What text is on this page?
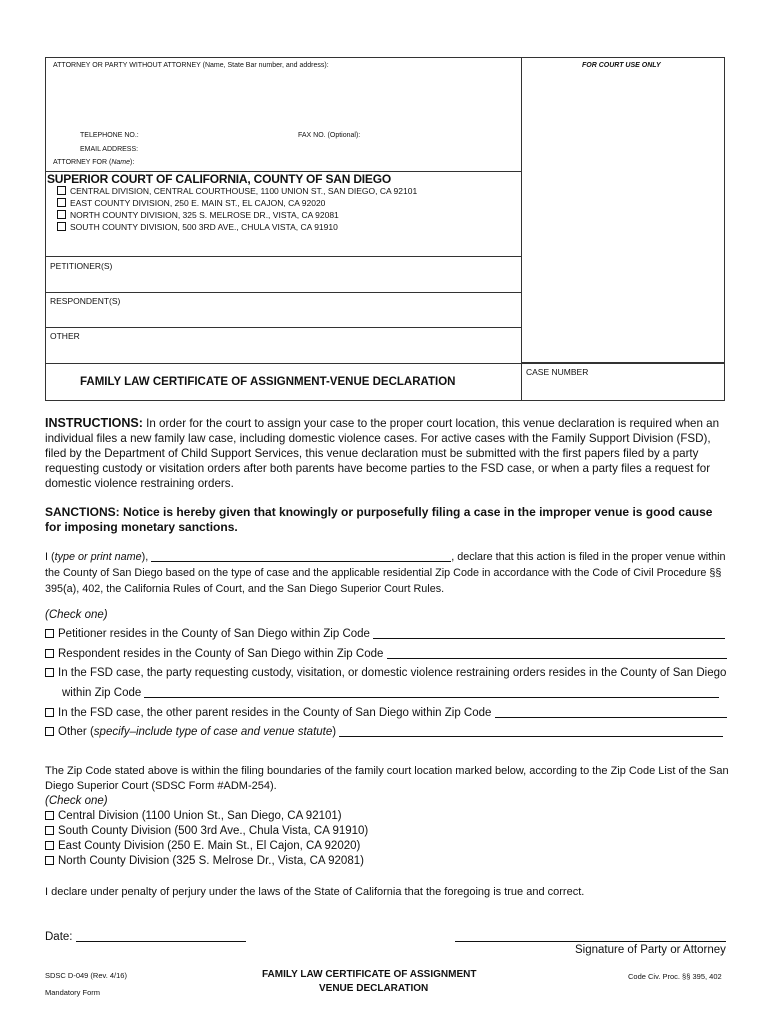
ATTORNEY OR PARTY WITHOUT ATTORNEY (Name, State Bar number, and address):	FOR COURT USE ONLY
TELEPHONE NO.:	FAX NO. (Optional):
EMAIL ADDRESS:
ATTORNEY FOR (Name):
SUPERIOR COURT OF CALIFORNIA, COUNTY OF SAN DIEGO
CENTRAL DIVISION, CENTRAL COURTHOUSE, 1100 UNION ST., SAN DIEGO, CA 92101
EAST COUNTY DIVISION, 250 E. MAIN ST., EL CAJON, CA 92020
NORTH COUNTY DIVISION, 325 S. MELROSE DR., VISTA, CA 92081
SOUTH COUNTY DIVISION, 500 3RD AVE., CHULA VISTA, CA 91910
PETITIONER(S)
RESPONDENT(S)
OTHER
FAMILY LAW CERTIFICATE OF ASSIGNMENT-VENUE DECLARATION
CASE NUMBER
INSTRUCTIONS: In order for the court to assign your case to the proper court location, this venue declaration is required when an individual files a new family law case, including domestic violence cases. For active cases with the Family Support Division (FSD), filed by the Department of Child Support Services, this venue declaration must be submitted with the first papers filed by a party requesting custody or visitation orders after both parents have become parties to the FSD case, or when a party files a request for domestic violence restraining orders.
SANCTIONS: Notice is hereby given that knowingly or purposefully filing a case in the improper venue is good cause for imposing monetary sanctions.
I (type or print name),	, declare that this action is filed in the proper venue within the County of San Diego based on the type of case and the applicable residential Zip Code in accordance with the Code of Civil Procedure §§ 395(a), 402, the California Rules of Court, and the San Diego Superior Court Rules.
(Check one)
Petitioner resides in the County of San Diego within Zip Code
Respondent resides in the County of San Diego within Zip Code
In the FSD case, the party requesting custody, visitation, or domestic violence restraining orders resides in the County of San Diego
within Zip Code
In the FSD case, the other parent resides in the County of San Diego within Zip Code
Other (specify–include type of case and venue statute)
The Zip Code stated above is within the filing boundaries of the family court location marked below, according to the Zip Code List of the San Diego Superior Court (SDSC Form #ADM-254).
(Check one)
Central Division (1100 Union St., San Diego, CA 92101)
South County Division (500 3rd Ave., Chula Vista, CA 91910)
East County Division (250 E. Main St., El Cajon, CA 92020)
North County Division (325 S. Melrose Dr., Vista, CA 92081)
I declare under penalty of perjury under the laws of the State of California that the foregoing is true and correct.
Date:
Signature of Party or Attorney
SDSC D-049 (Rev. 4/16)
Mandatory Form
FAMILY LAW CERTIFICATE OF ASSIGNMENT
VENUE DECLARATION
Code Civ. Proc. §§ 395, 402
